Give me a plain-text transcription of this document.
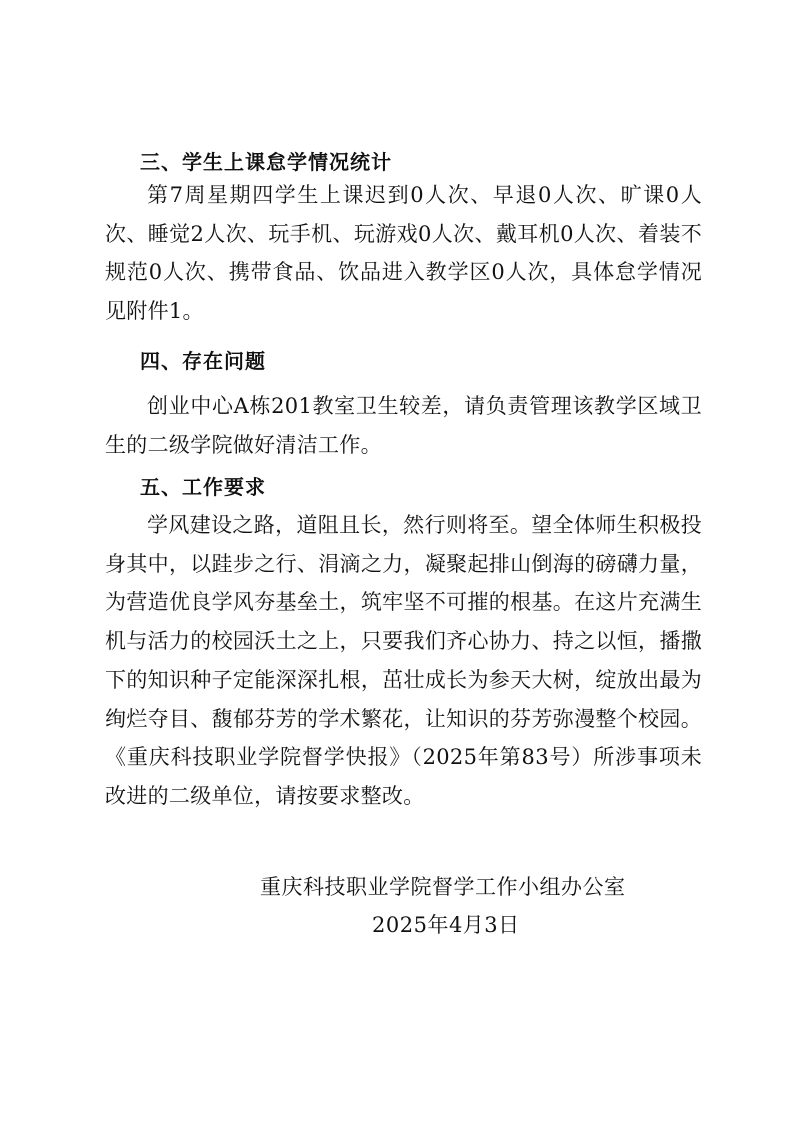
三、学生上课怠学情况统计
第7周星期四学生上课迟到0人次、早退0人次、旷课0人次、睡觉2人次、玩手机、玩游戏0人次、戴耳机0人次、着装不规范0人次、携带食品、饮品进入教学区0人次，具体怠学情况见附件1。
四、存在问题
创业中心A栋201教室卫生较差，请负责管理该教学区域卫生的二级学院做好清洁工作。
五、工作要求
学风建设之路，道阻且长，然行则将至。望全体师生积极投身其中，以跬步之行、涓滴之力，凝聚起排山倒海的磅礴力量，为营造优良学风夯基垒土，筑牢坚不可摧的根基。在这片充满生机与活力的校园沃土之上，只要我们齐心协力、持之以恒，播撒下的知识种子定能深深扎根，茁壮成长为参天大树，绽放出最为绚烂夺目、馥郁芬芳的学术繁花，让知识的芬芳弥漫整个校园。《重庆科技职业学院督学快报》（2025年第83号）所涉事项未改进的二级单位，请按要求整改。
重庆科技职业学院督学工作小组办公室
2025年4月3日
